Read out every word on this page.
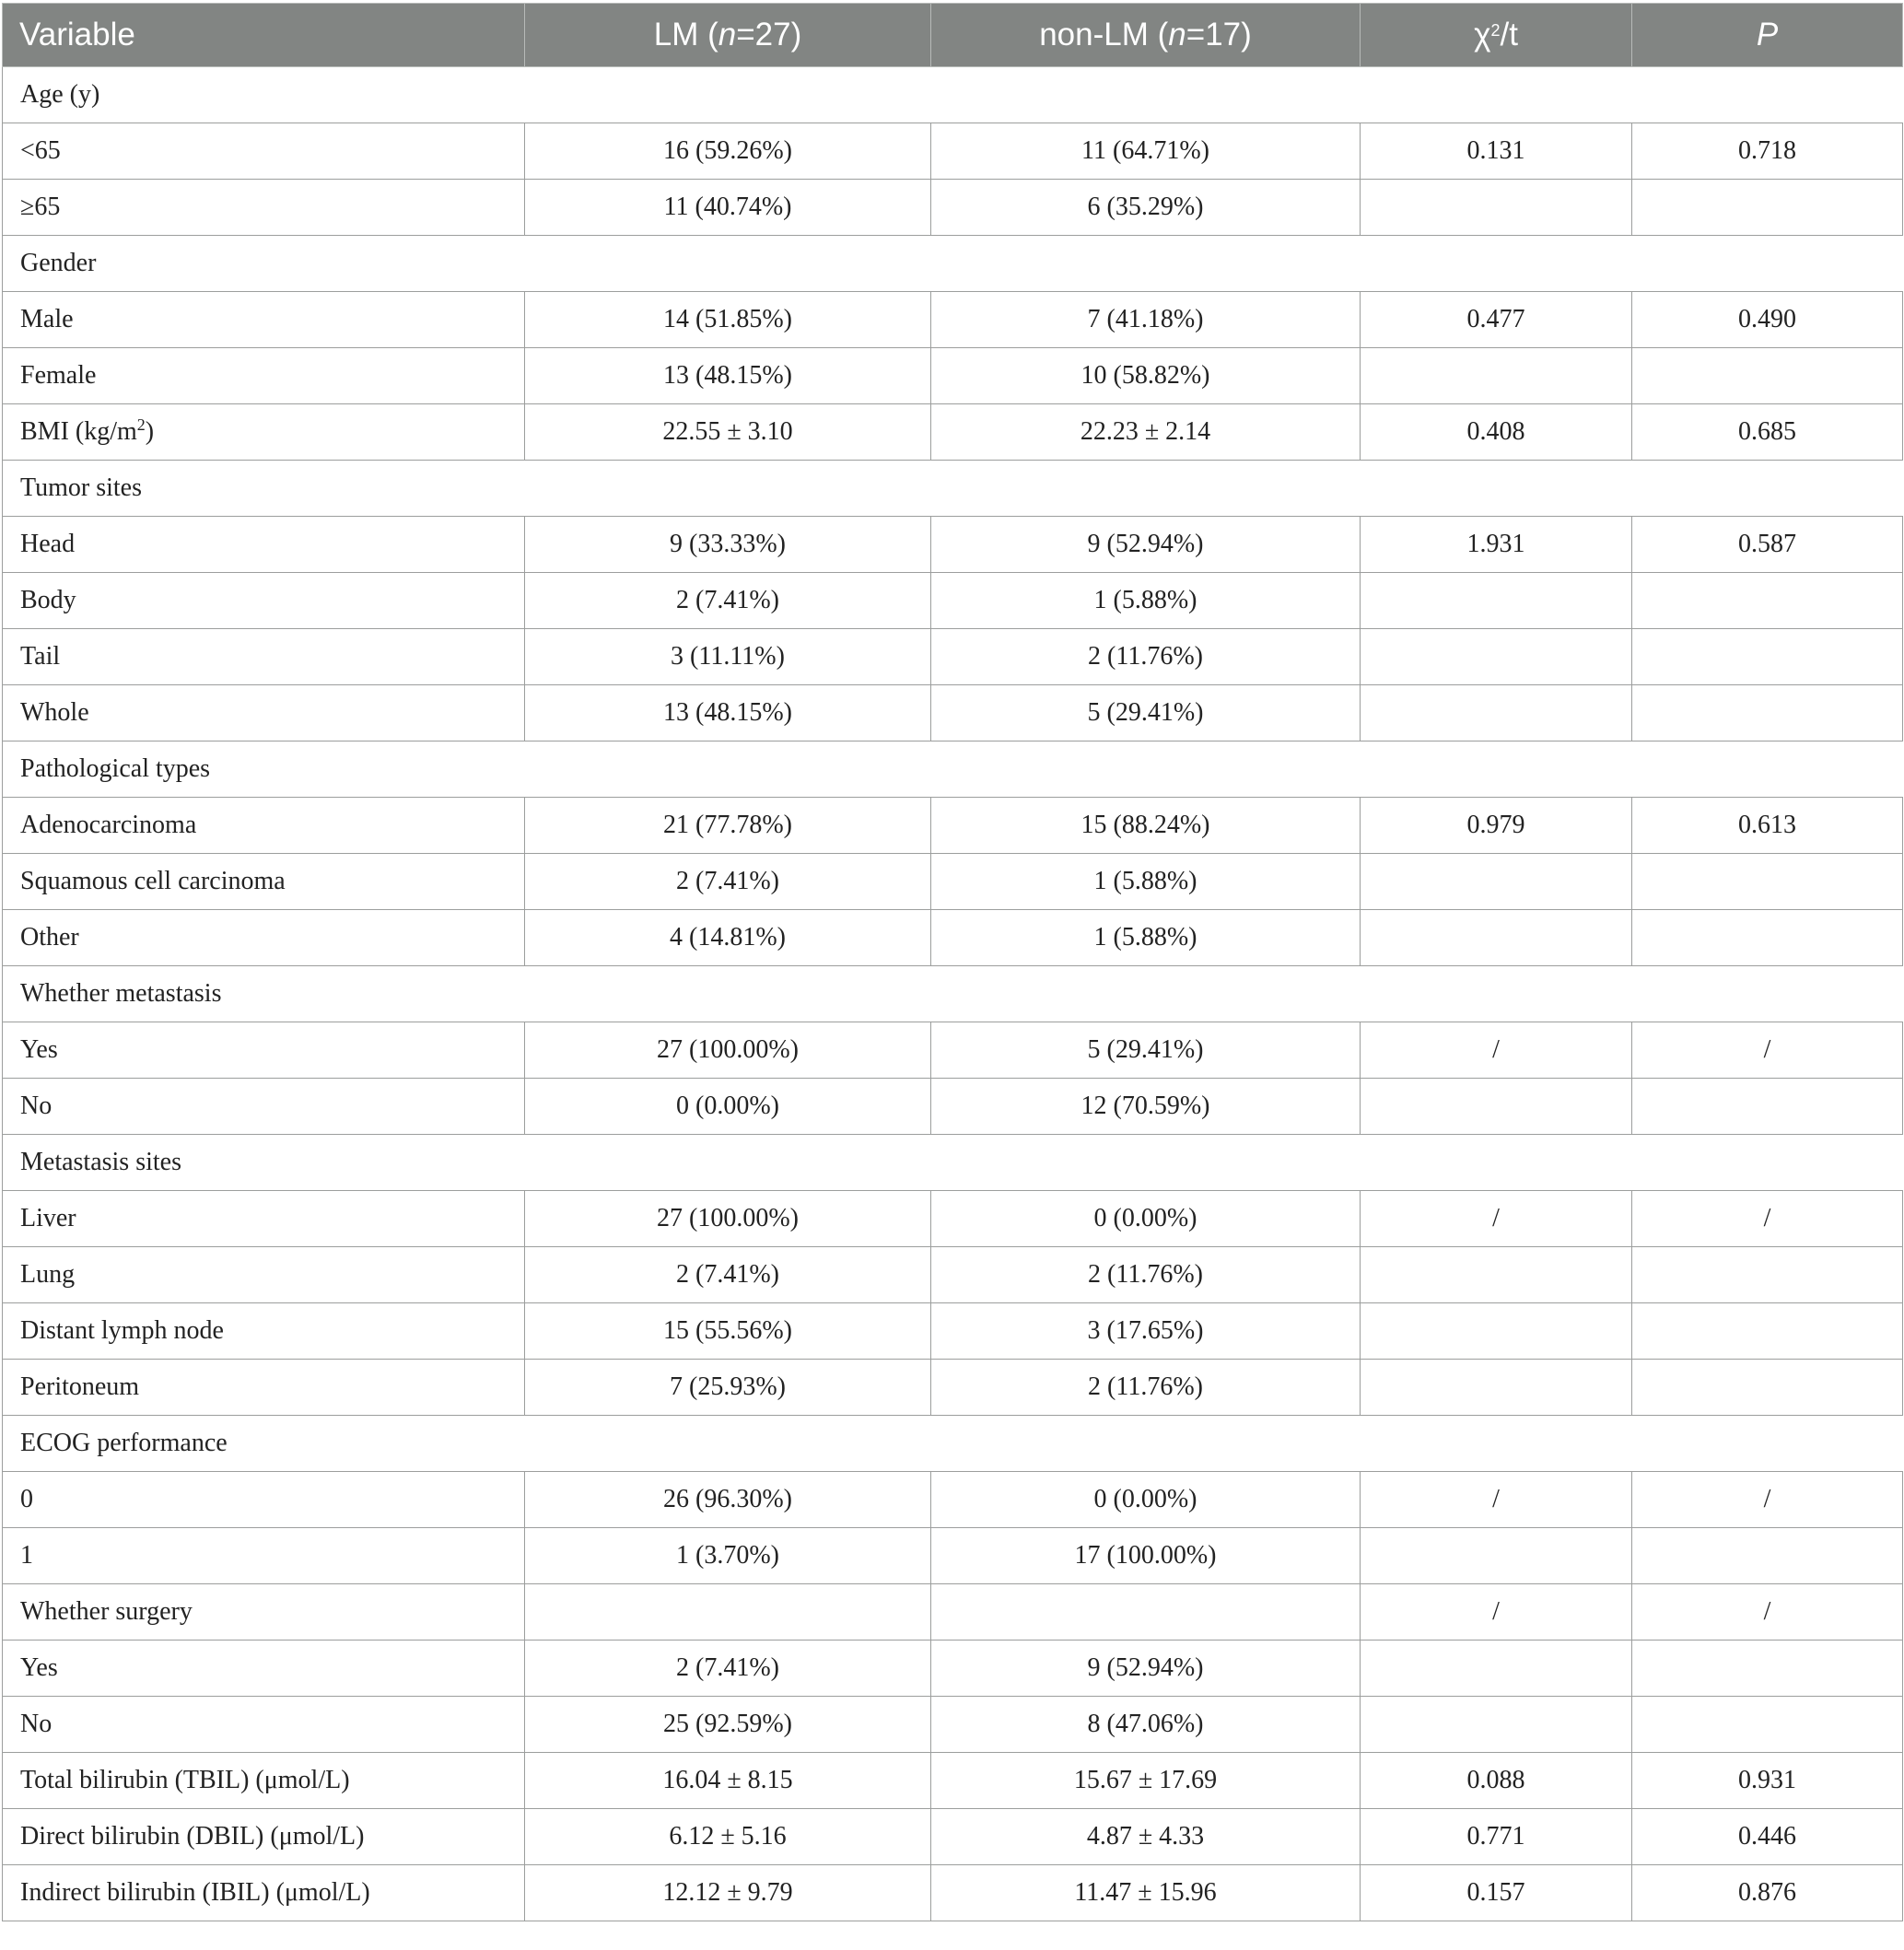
Variable	LM (n=27)	non-LM (n=17)	$\chi^2/t$	P
Age (y)				
<65	16 (59.26%)	11 (64.71%)	0.131	0.718
≥65	11 (40.74%)	6 (35.29%)		
Gender				
Male	14 (51.85%)	7 (41.18%)	0.477	0.490
Female	13 (48.15%)	10 (58.82%)		
BMI $(kg/m^2)$	22.55 ± 3.10	22.23 ± 2.14	0.408	0.685
Tumor sites				
Head	9 (33.33%)	9 (52.94%)	1.931	0.587
Body	2 (7.41%)	1 (5.88%)		
Tail	3 (11.11%)	2 (11.76%)		
Whole	13 (48.15%)	5 (29.41%)		
Pathological types				
Adenocarcinoma	21 (77.78%)	15 (88.24%)	0.979	0.613
Squamous cell carcinoma	2 (7.41%)	1 (5.88%)		
Other	4 (14.81%)	1 (5.88%)		
Whether metastasis				
Yes	27 (100.00%)	5 (29.41%)	/	/
No	0 (0.00%)	12 (70.59%)		
Metastasis sites				
Liver	27 (100.00%)	0 (0.00%)	/	/
Lung	2 (7.41%)	2 (11.76%)		
Distant lymph node	15 (55.56%)	3 (17.65%)		
Peritoneum	7 (25.93%)	2 (11.76%)		
ECOG performance				
0	26 (96.30%)	0 (0.00%)	/	/
1	1 (3.70%)	17 (100.00%)		
Whether surgery			/	/
Yes	2 (7.41%)	9 (52.94%)		
No	25 (92.59%)	8 (47.06%)		
Total bilirubin (TBIL) (μmol/L)	16.04 ± 8.15	15.67 ± 17.69	0.088	0.931
Direct bilirubin (DBIL) (μmol/L)	6.12 ± 5.16	4.87 ± 4.33	0.771	0.446
Indirect bilirubin (IBIL) (μmol/L)	12.12 ± 9.79	11.47 ± 15.96	0.157	0.876
